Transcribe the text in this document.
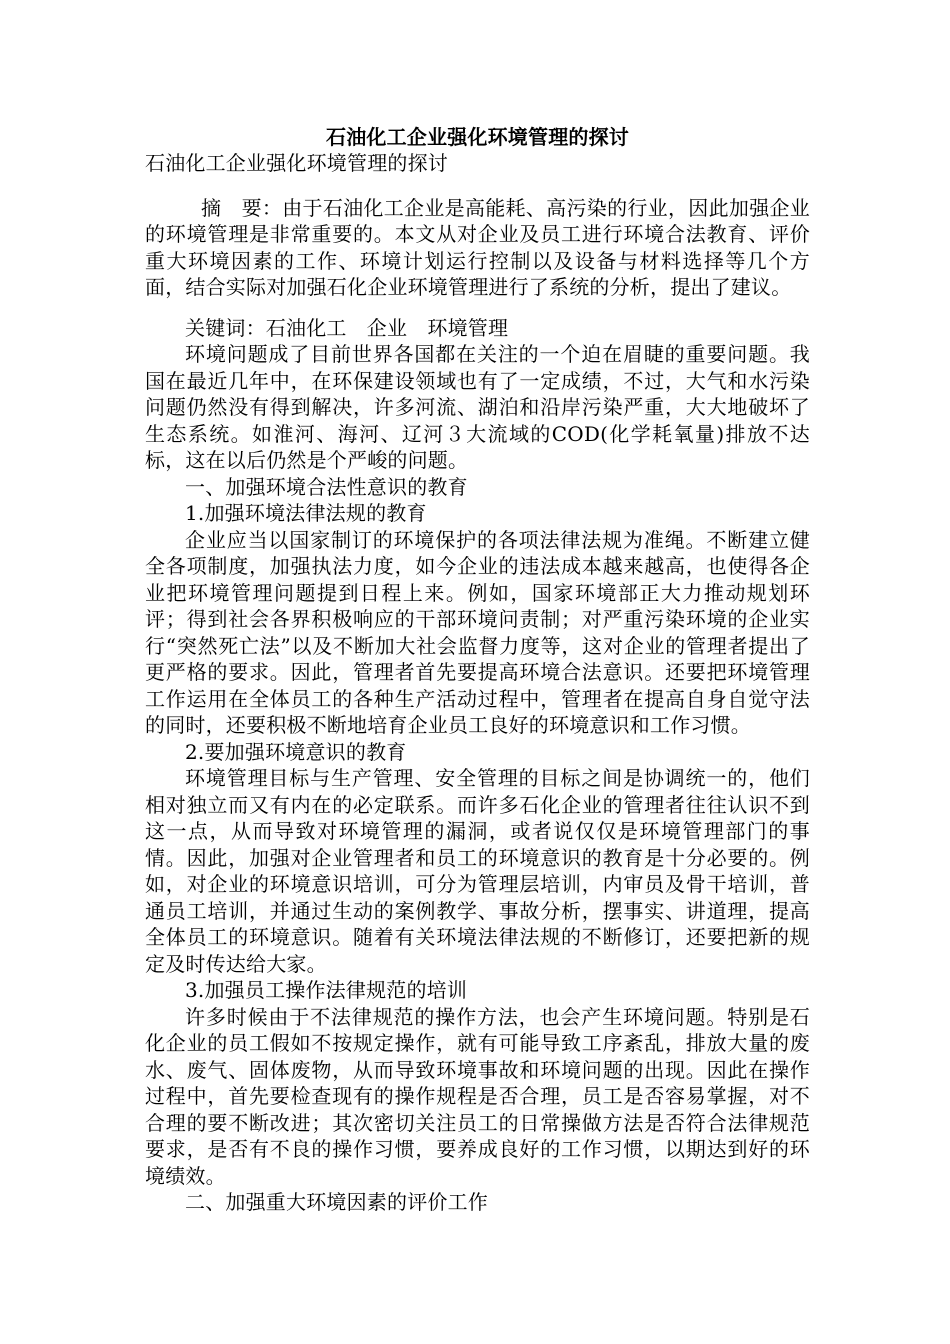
石油化工企业强化环境管理的探讨

石油化工企业强化环境管理的探讨

摘　要：由于石油化工企业是高能耗、高污染的行业，因此加强企业的环境管理是非常重要的。本文从对企业及员工进行环境合法教育、评价重大环境因素的工作、环境计划运行控制以及设备与材料选择等几个方面，结合实际对加强石化企业环境管理进行了系统的分析，提出了建议。

关键词：石油化工　企业　环境管理

环境问题成了目前世界各国都在关注的一个迫在眉睫的重要问题。我国在最近几年中，在环保建设领域也有了一定成绩，不过，大气和水污染问题仍然没有得到解决，许多河流、湖泊和沿岸污染严重，大大地破坏了生态系统。如淮河、海河、辽河３大流域的COD(化学耗氧量)排放不达标，这在以后仍然是个严峻的问题。

一、加强环境合法性意识的教育

1.加强环境法律法规的教育

企业应当以国家制订的环境保护的各项法律法规为准绳。不断建立健全各项制度，加强执法力度，如今企业的违法成本越来越高，也使得各企业把环境管理问题提到日程上来。例如，国家环境部正大力推动规划环评；得到社会各界积极响应的干部环境问责制；对严重污染环境的企业实行“突然死亡法”以及不断加大社会监督力度等，这对企业的管理者提出了更严格的要求。因此，管理者首先要提高环境合法意识。还要把环境管理工作运用在全体员工的各种生产活动过程中，管理者在提高自身自觉守法的同时，还要积极不断地培育企业员工良好的环境意识和工作习惯。

2.要加强环境意识的教育

环境管理目标与生产管理、安全管理的目标之间是协调统一的，他们相对独立而又有内在的必定联系。而许多石化企业的管理者往往认识不到这一点，从而导致对环境管理的漏洞，或者说仅仅是环境管理部门的事情。因此，加强对企业管理者和员工的环境意识的教育是十分必要的。例如，对企业的环境意识培训，可分为管理层培训，内审员及骨干培训，普通员工培训，并通过生动的案例教学、事故分析，摆事实、讲道理，提高全体员工的环境意识。随着有关环境法律法规的不断修订，还要把新的规定及时传达给大家。

3.加强员工操作法律规范的培训

许多时候由于不法律规范的操作方法，也会产生环境问题。特别是石化企业的员工假如不按规定操作，就有可能导致工序紊乱，排放大量的废水、废气、固体废物，从而导致环境事故和环境问题的出现。因此在操作过程中，首先要检查现有的操作规程是否合理，员工是否容易掌握，对不合理的要不断改进；其次密切关注员工的日常操做方法是否符合法律规范要求，是否有不良的操作习惯，要养成良好的工作习惯，以期达到好的环境绩效。

二、加强重大环境因素的评价工作
